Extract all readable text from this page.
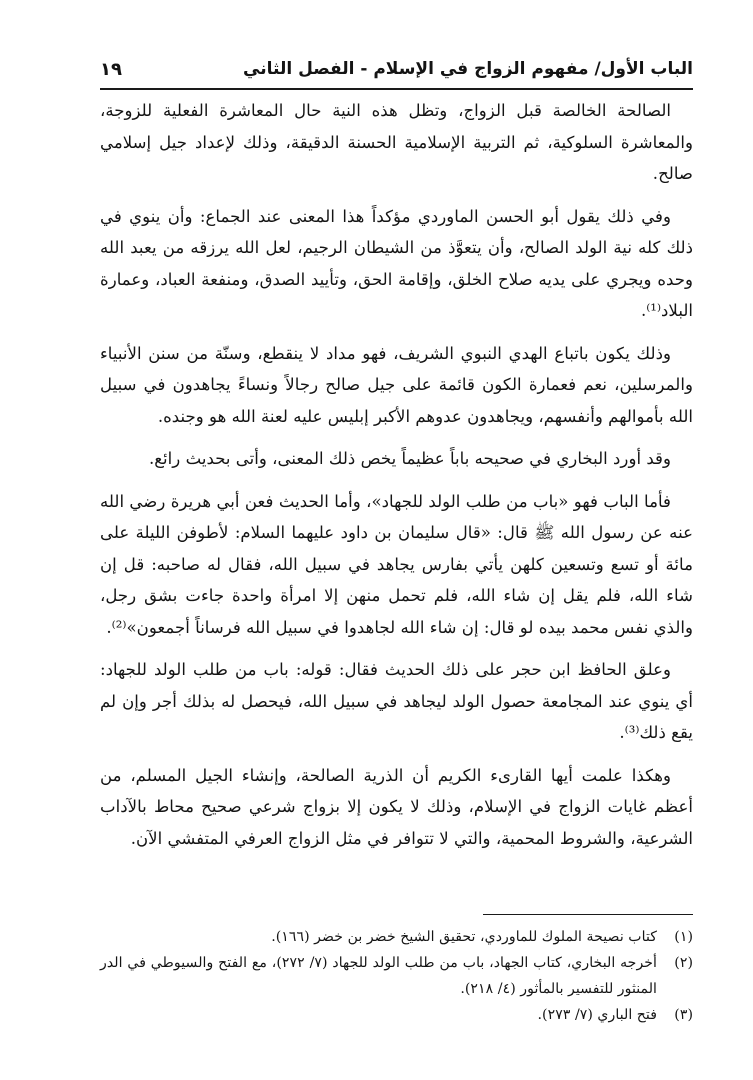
الباب الأول/ مفهوم الزواج في الإسلام - الفصل الثاني
١٩

الصالحة الخالصة قبل الزواج، وتظل هذه النية حال المعاشرة الفعلية للزوجة، والمعاشرة السلوكية، ثم التربية الإسلامية الحسنة الدقيقة، وذلك لإعداد جيل إسلامي صالح.

وفي ذلك يقول أبو الحسن الماوردي مؤكداً هذا المعنى عند الجماع: وأن ينوي في ذلك كله نية الولد الصالح، وأن يتعوَّذ من الشيطان الرجيم، لعل الله يرزقه من يعبد الله وحده ويجري على يديه صلاح الخلق، وإقامة الحق، وتأييد الصدق، ومنفعة العباد، وعمارة البلاد⁽¹⁾.

وذلك يكون باتباع الهدي النبوي الشريف، فهو مداد لا ينقطع، وسنّة من سنن الأنبياء والمرسلين، نعم فعمارة الكون قائمة على جيل صالح رجالاً ونساءً يجاهدون في سبيل الله بأموالهم وأنفسهم، ويجاهدون عدوهم الأكبر إبليس عليه لعنة الله هو وجنده.

وقد أورد البخاري في صحيحه باباً عظيماً يخص ذلك المعنى، وأتى بحديث رائع.

فأما الباب فهو «باب من طلب الولد للجهاد»، وأما الحديث فعن أبي هريرة رضي الله عنه عن رسول الله ﷺ قال: «قال سليمان بن داود عليهما السلام: لأطوفن الليلة على مائة أو تسع وتسعين كلهن يأتي بفارس يجاهد في سبيل الله، فقال له صاحبه: قل إن شاء الله، فلم يقل إن شاء الله، فلم تحمل منهن إلا امرأة واحدة جاءت بشق رجل، والذي نفس محمد بيده لو قال: إن شاء الله لجاهدوا في سبيل الله فرساناً أجمعون»⁽²⁾.

وعلق الحافظ ابن حجر على ذلك الحديث فقال: قوله: باب من طلب الولد للجهاد: أي ينوي عند المجامعة حصول الولد ليجاهد في سبيل الله، فيحصل له بذلك أجر وإن لم يقع ذلك⁽³⁾.

وهكذا علمت أيها القارىء الكريم أن الذرية الصالحة، وإنشاء الجيل المسلم، من أعظم غايات الزواج في الإسلام، وذلك لا يكون إلا بزواج شرعي صحيح محاط بالآداب الشرعية، والشروط المحمية، والتي لا تتوافر في مثل الزواج العرفي المتفشي الآن.

(١)
كتاب نصيحة الملوك للماوردي، تحقيق الشيخ خضر بن خضر (١٦٦).
(٢)
أخرجه البخاري، كتاب الجهاد، باب من طلب الولد للجهاد (٧/ ٢٧٢)، مع الفتح والسيوطي في الدر المنثور للتفسير بالمأثور (٤/ ٢١٨).
(٣)
فتح الباري (٧/ ٢٧٣).
